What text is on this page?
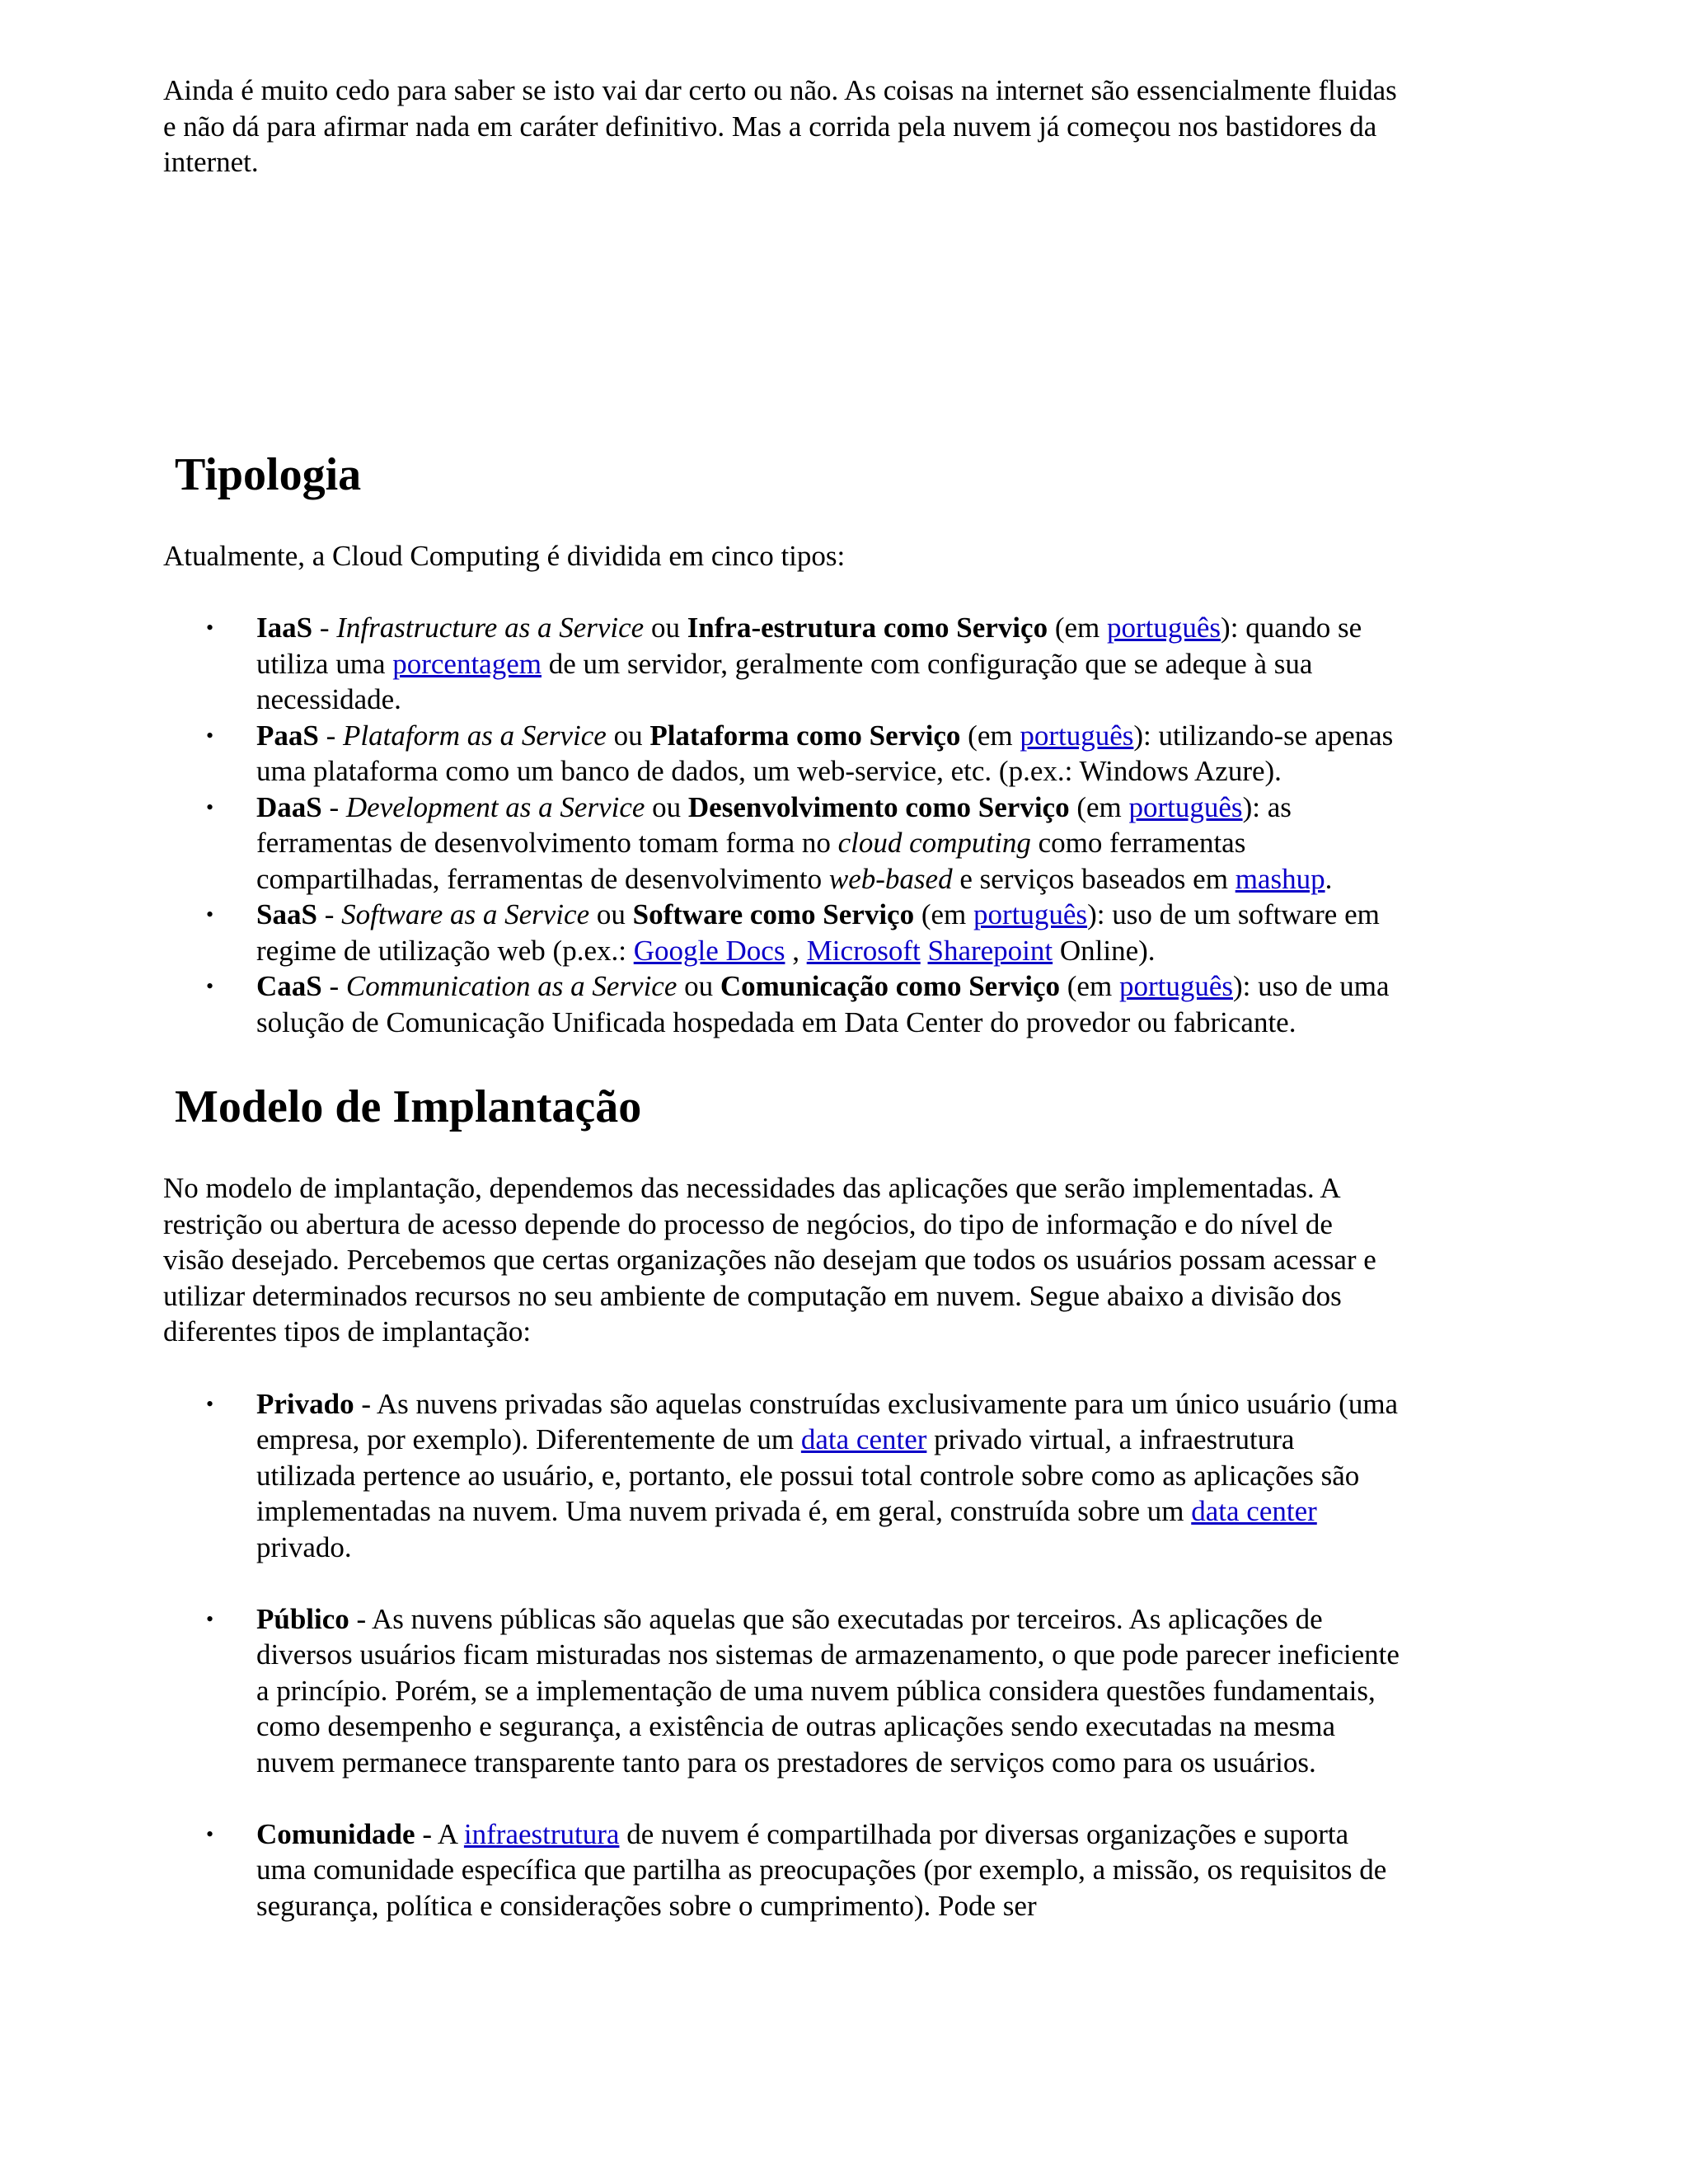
Ainda é muito cedo para saber se isto vai dar certo ou não. As coisas na internet são essencialmente fluidas e não dá para afirmar nada em caráter definitivo. Mas a corrida pela nuvem já começou nos bastidores da internet.

Tipologia

Atualmente, a Cloud Computing é dividida em cinco tipos:

• IaaS - Infrastructure as a Service ou Infra-estrutura como Serviço (em português): quando se utiliza uma porcentagem de um servidor, geralmente com configuração que se adeque à sua necessidade.
• PaaS - Plataform as a Service ou Plataforma como Serviço (em português): utilizando-se apenas uma plataforma como um banco de dados, um web-service, etc. (p.ex.: Windows Azure).
• DaaS - Development as a Service ou Desenvolvimento como Serviço (em português): as ferramentas de desenvolvimento tomam forma no cloud computing como ferramentas compartilhadas, ferramentas de desenvolvimento web-based e serviços baseados em mashup.
• SaaS - Software as a Service ou Software como Serviço (em português): uso de um software em regime de utilização web (p.ex.: Google Docs , Microsoft Sharepoint Online).
• CaaS - Communication as a Service ou Comunicação como Serviço (em português): uso de uma solução de Comunicação Unificada hospedada em Data Center do provedor ou fabricante.
Modelo de Implantação

No modelo de implantação, dependemos das necessidades das aplicações que serão implementadas. A restrição ou abertura de acesso depende do processo de negócios, do tipo de informação e do nível de visão desejado. Percebemos que certas organizações não desejam que todos os usuários possam acessar e utilizar determinados recursos no seu ambiente de computação em nuvem. Segue abaixo a divisão dos diferentes tipos de implantação:

• Privado - As nuvens privadas são aquelas construídas exclusivamente para um único usuário (uma empresa, por exemplo). Diferentemente de um data center privado virtual, a infraestrutura utilizada pertence ao usuário, e, portanto, ele possui total controle sobre como as aplicações são implementadas na nuvem. Uma nuvem privada é, em geral, construída sobre um data center privado.
• Público - As nuvens públicas são aquelas que são executadas por terceiros. As aplicações de diversos usuários ficam misturadas nos sistemas de armazenamento, o que pode parecer ineficiente a princípio. Porém, se a implementação de uma nuvem pública considera questões fundamentais, como desempenho e segurança, a existência de outras aplicações sendo executadas na mesma nuvem permanece transparente tanto para os prestadores de serviços como para os usuários.
• Comunidade - A infraestrutura de nuvem é compartilhada por diversas organizações e suporta uma comunidade específica que partilha as preocupações (por exemplo, a missão, os requisitos de segurança, política e considerações sobre o cumprimento). Pode ser
